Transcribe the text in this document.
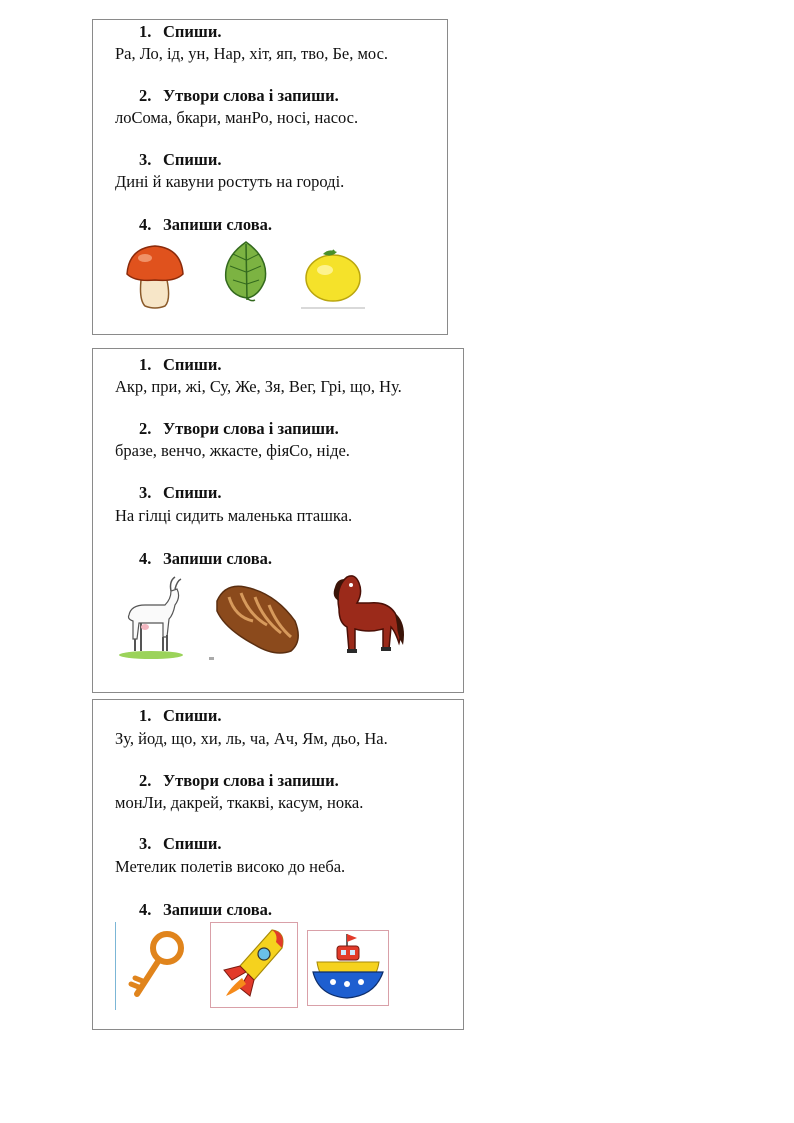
1. Спиши.
Ра, Ло, ід, ун, Нар, хіт, яп, тво, Бе, мос.
2. Утвори слова і запиши.
лоСома, бкари, манРо, носі, насос.
3. Спиши.
Дині й кавуни ростуть на городі.
4. Запиши слова.
1. Спиши.
Акр, при, жі, Су, Же, Зя, Вег, Грі, що, Ну.
2. Утвори слова і запиши.
бразе, венчо, жкасте, фіяСо, ніде.
3. Спиши.
На гілці сидить маленька пташка.
4. Запиши слова.
1. Спиши.
Зу, йод, що, хи, ль, ча, Ач, Ям, дьо, На.
2. Утвори слова і запиши.
монЛи, дакрей, ткакві, касум, нока.
3. Спиши.
Метелик полетів високо до неба.
4. Запиши слова.
